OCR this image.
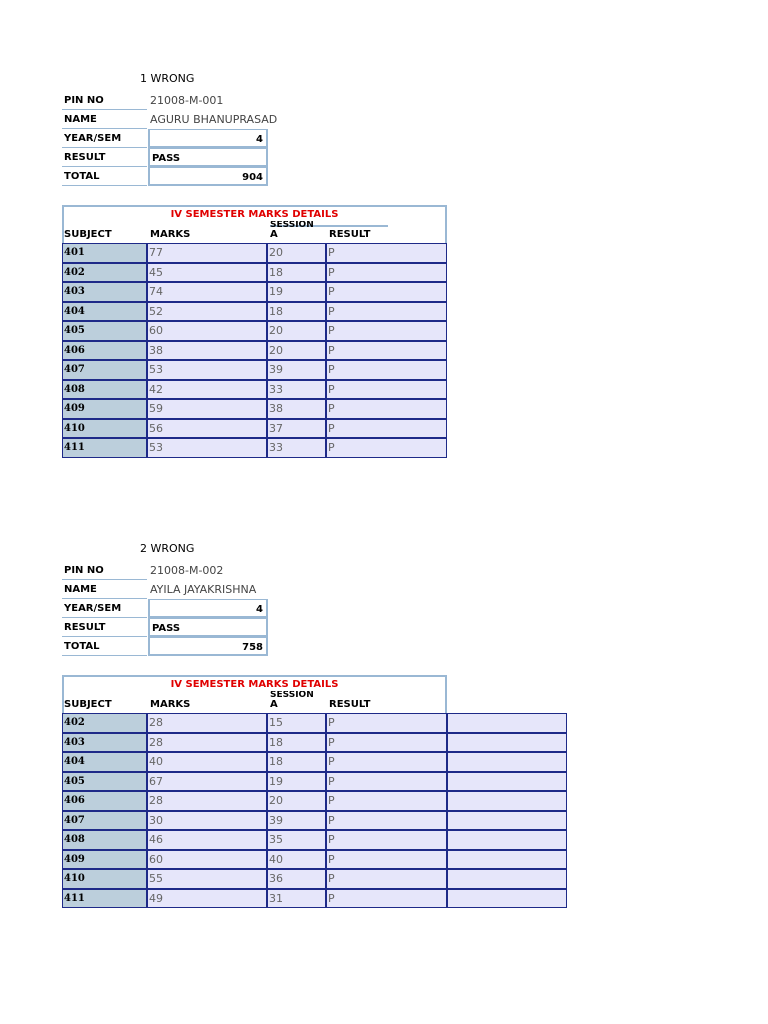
1 WRONG
PIN NO	21008-M-001
NAME	AGURU BHANUPRASAD
YEAR/SEM	4
RESULT	PASS
TOTAL	904
IV SEMESTER MARKS DETAILS
SESSION
SUBJECT	MARKS	A	RESULT
401	77	20	P
402	45	18	P
403	74	19	P
404	52	18	P
405	60	20	P
406	38	20	P
407	53	39	P
408	42	33	P
409	59	38	P
410	56	37	P
411	53	33	P
2 WRONG
PIN NO	21008-M-002
NAME	AYILA JAYAKRISHNA
YEAR/SEM	4
RESULT	PASS
TOTAL	758
IV SEMESTER MARKS DETAILS
SESSION
SUBJECT	MARKS	A	RESULT
402	28	15	P
403	28	18	P
404	40	18	P
405	67	19	P
406	28	20	P
407	30	39	P
408	46	35	P
409	60	40	P
410	55	36	P
411	49	31	P
